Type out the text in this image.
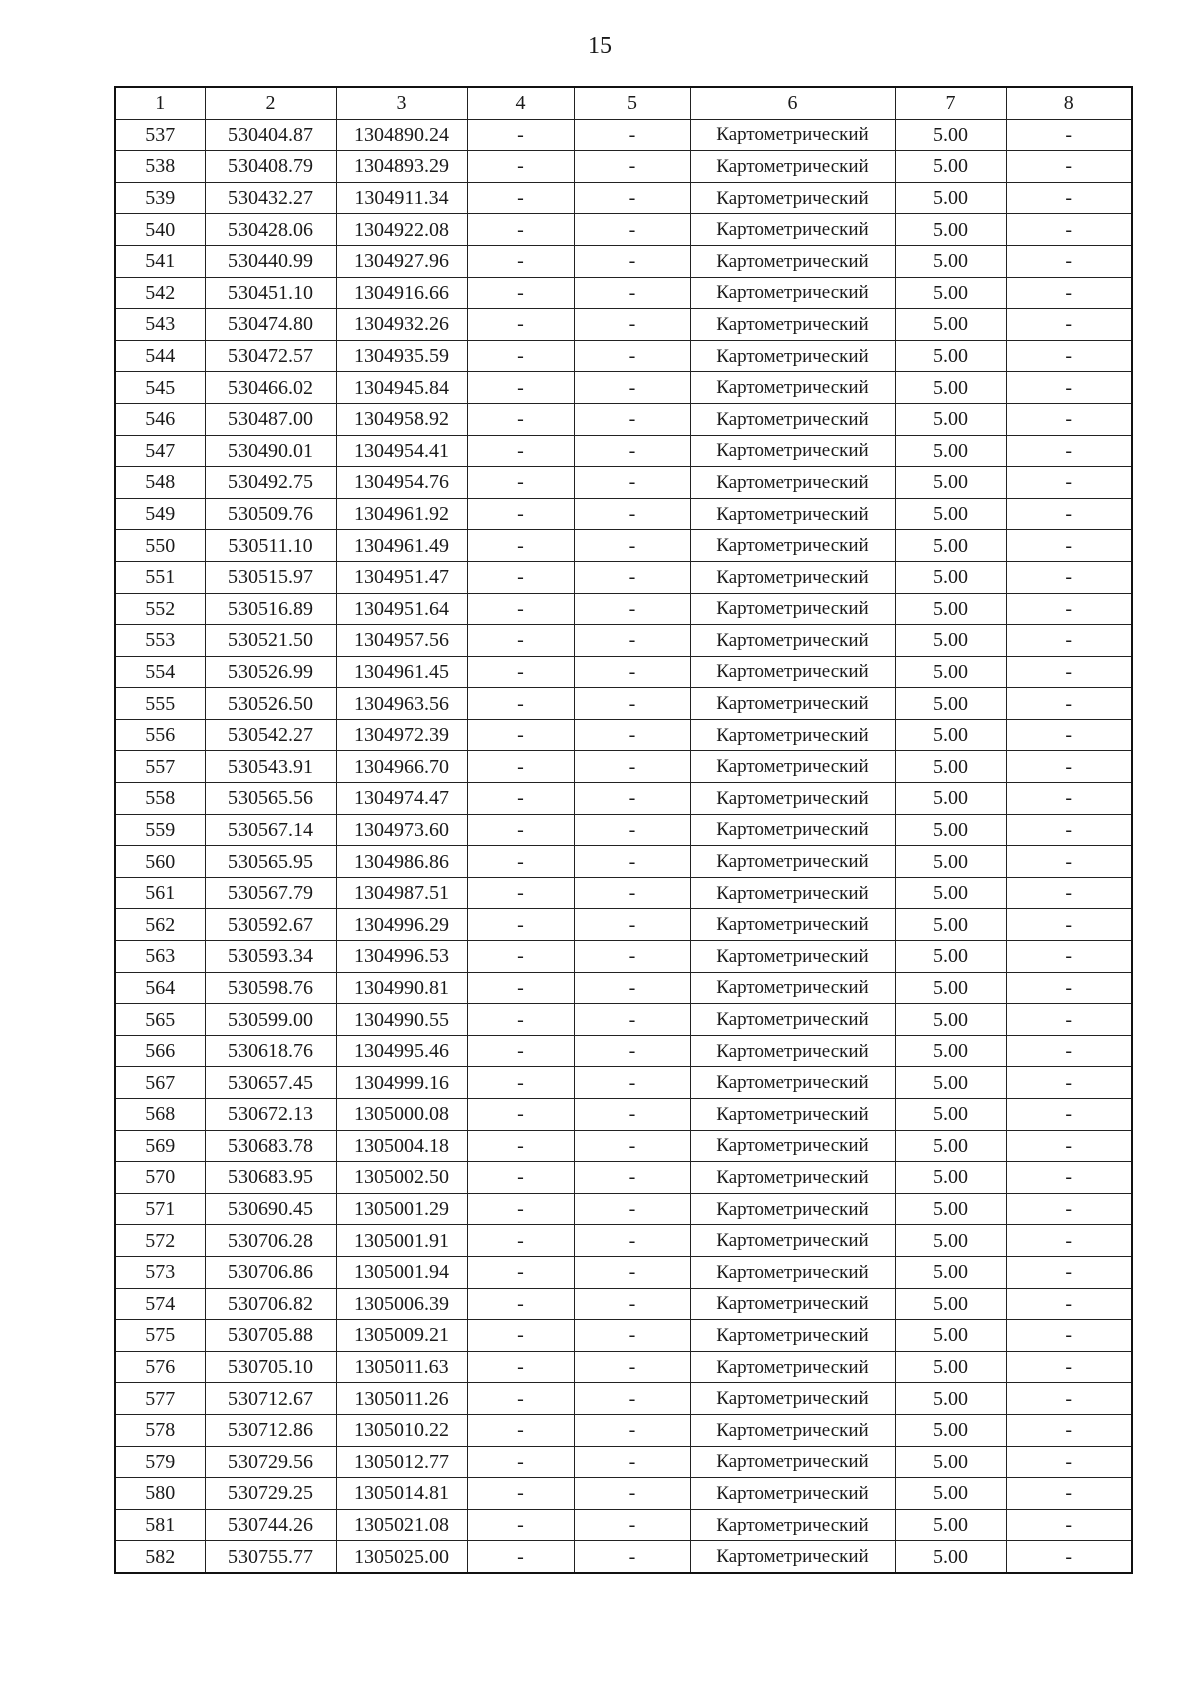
15
1	2	3	4	5	6	7	8
537	530404.87	1304890.24	-	-	Картометрический	5.00	-
538	530408.79	1304893.29	-	-	Картометрический	5.00	-
539	530432.27	1304911.34	-	-	Картометрический	5.00	-
540	530428.06	1304922.08	-	-	Картометрический	5.00	-
541	530440.99	1304927.96	-	-	Картометрический	5.00	-
542	530451.10	1304916.66	-	-	Картометрический	5.00	-
543	530474.80	1304932.26	-	-	Картометрический	5.00	-
544	530472.57	1304935.59	-	-	Картометрический	5.00	-
545	530466.02	1304945.84	-	-	Картометрический	5.00	-
546	530487.00	1304958.92	-	-	Картометрический	5.00	-
547	530490.01	1304954.41	-	-	Картометрический	5.00	-
548	530492.75	1304954.76	-	-	Картометрический	5.00	-
549	530509.76	1304961.92	-	-	Картометрический	5.00	-
550	530511.10	1304961.49	-	-	Картометрический	5.00	-
551	530515.97	1304951.47	-	-	Картометрический	5.00	-
552	530516.89	1304951.64	-	-	Картометрический	5.00	-
553	530521.50	1304957.56	-	-	Картометрический	5.00	-
554	530526.99	1304961.45	-	-	Картометрический	5.00	-
555	530526.50	1304963.56	-	-	Картометрический	5.00	-
556	530542.27	1304972.39	-	-	Картометрический	5.00	-
557	530543.91	1304966.70	-	-	Картометрический	5.00	-
558	530565.56	1304974.47	-	-	Картометрический	5.00	-
559	530567.14	1304973.60	-	-	Картометрический	5.00	-
560	530565.95	1304986.86	-	-	Картометрический	5.00	-
561	530567.79	1304987.51	-	-	Картометрический	5.00	-
562	530592.67	1304996.29	-	-	Картометрический	5.00	-
563	530593.34	1304996.53	-	-	Картометрический	5.00	-
564	530598.76	1304990.81	-	-	Картометрический	5.00	-
565	530599.00	1304990.55	-	-	Картометрический	5.00	-
566	530618.76	1304995.46	-	-	Картометрический	5.00	-
567	530657.45	1304999.16	-	-	Картометрический	5.00	-
568	530672.13	1305000.08	-	-	Картометрический	5.00	-
569	530683.78	1305004.18	-	-	Картометрический	5.00	-
570	530683.95	1305002.50	-	-	Картометрический	5.00	-
571	530690.45	1305001.29	-	-	Картометрический	5.00	-
572	530706.28	1305001.91	-	-	Картометрический	5.00	-
573	530706.86	1305001.94	-	-	Картометрический	5.00	-
574	530706.82	1305006.39	-	-	Картометрический	5.00	-
575	530705.88	1305009.21	-	-	Картометрический	5.00	-
576	530705.10	1305011.63	-	-	Картометрический	5.00	-
577	530712.67	1305011.26	-	-	Картометрический	5.00	-
578	530712.86	1305010.22	-	-	Картометрический	5.00	-
579	530729.56	1305012.77	-	-	Картометрический	5.00	-
580	530729.25	1305014.81	-	-	Картометрический	5.00	-
581	530744.26	1305021.08	-	-	Картометрический	5.00	-
582	530755.77	1305025.00	-	-	Картометрический	5.00	-
